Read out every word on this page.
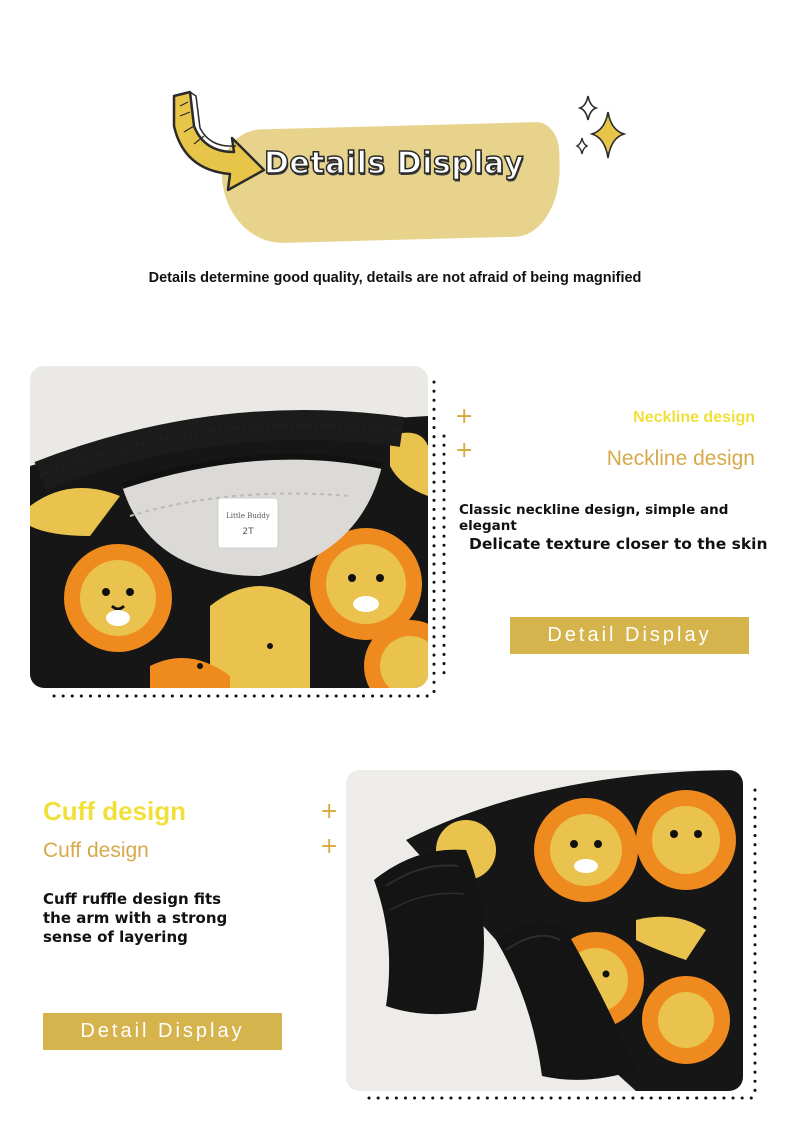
Details Display
Details determine good quality, details are not afraid of being magnified
Little Buddy
2T
+
+
Neckline design
Neckline design
Classic neckline design, simple and elegant
Delicate texture closer to the skin
Detail Display
Cuff design
Cuff design
+
+
Cuff ruffle design fits
the arm with a strong
sense of layering
Detail Display
